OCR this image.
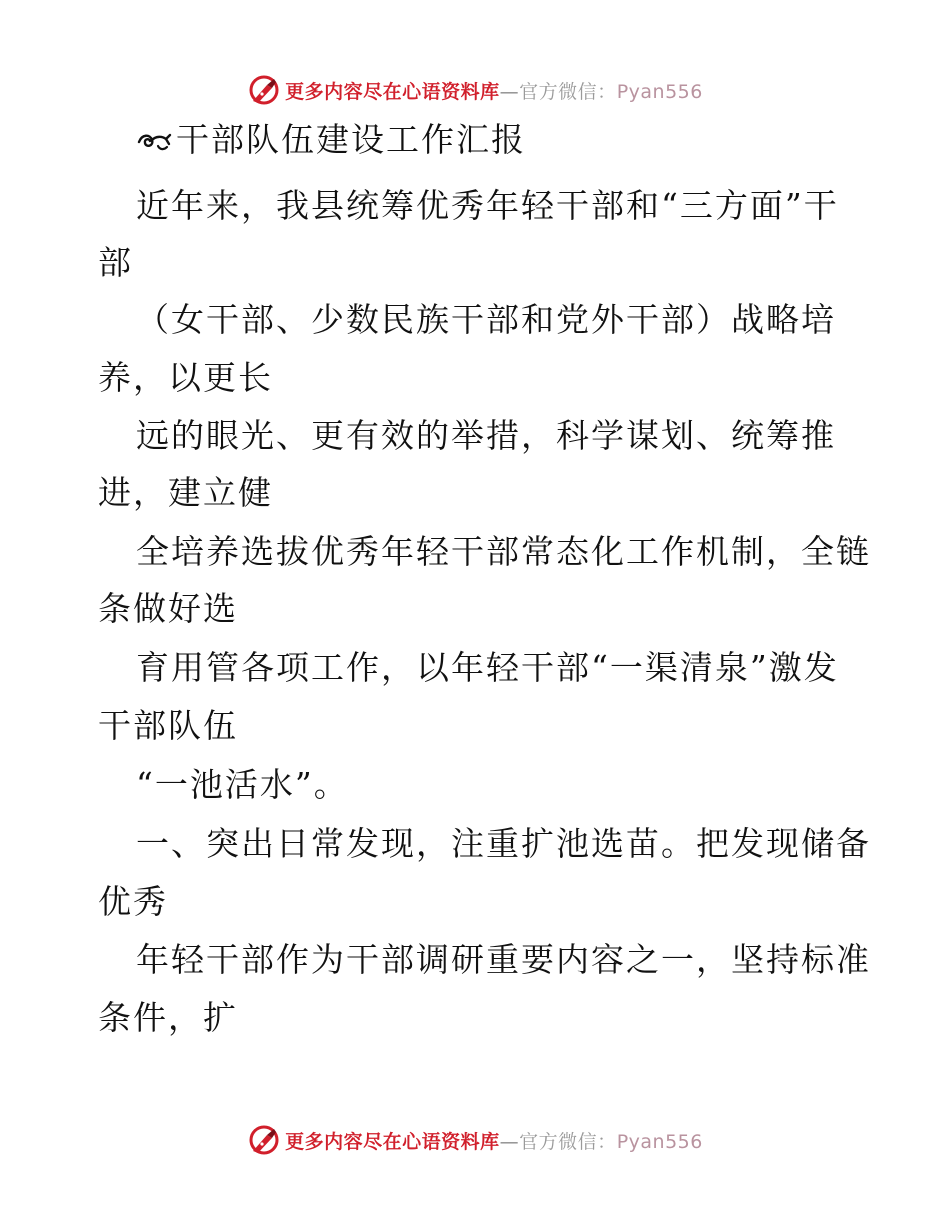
更多内容尽在心语资料库—官方微信：Pyan556
干部队伍建设工作汇报
近年来，我县统筹优秀年轻干部和“三方面”干
部
（女干部、少数民族干部和党外干部）战略培
养，以更长
远的眼光、更有效的举措，科学谋划、统筹推
进，建立健
全培养选拔优秀年轻干部常态化工作机制，全链
条做好选
育用管各项工作，以年轻干部“一渠清泉”激发
干部队伍
“一池活水”。
一、突出日常发现，注重扩池选苗。把发现储备
优秀
年轻干部作为干部调研重要内容之一，坚持标准
条件，扩
更多内容尽在心语资料库—官方微信：Pyan556
